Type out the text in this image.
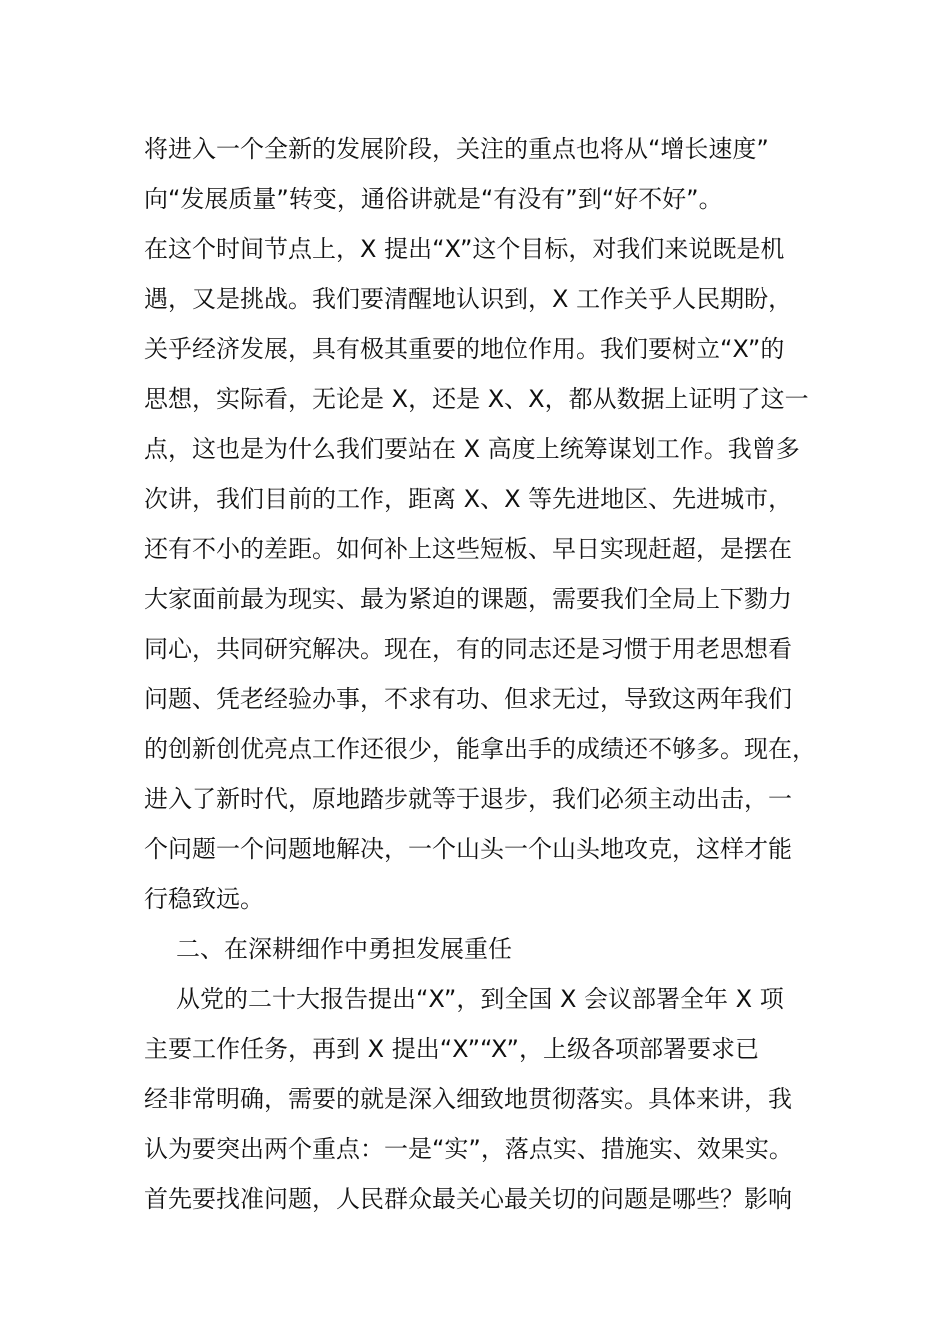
将进入一个全新的发展阶段，关注的重点也将从“增长速度”
向“发展质量”转变，通俗讲就是“有没有”到“好不好”。
在这个时间节点上，X 提出“X”这个目标，对我们来说既是机
遇，又是挑战。我们要清醒地认识到，X 工作关乎人民期盼，
关乎经济发展，具有极其重要的地位作用。我们要树立“X”的
思想，实际看，无论是 X，还是 X、X，都从数据上证明了这一
点，这也是为什么我们要站在 X 高度上统筹谋划工作。我曾多
次讲，我们目前的工作，距离 X、X 等先进地区、先进城市，
还有不小的差距。如何补上这些短板、早日实现赶超，是摆在
大家面前最为现实、最为紧迫的课题，需要我们全局上下勠力
同心，共同研究解决。现在，有的同志还是习惯于用老思想看
问题、凭老经验办事，不求有功、但求无过，导致这两年我们
的创新创优亮点工作还很少，能拿出手的成绩还不够多。现在，
进入了新时代，原地踏步就等于退步，我们必须主动出击，一
个问题一个问题地解决，一个山头一个山头地攻克，这样才能
行稳致远。
二、在深耕细作中勇担发展重任
从党的二十大报告提出“X”，到全国 X 会议部署全年 X 项
主要工作任务，再到 X 提出“X”“X”，上级各项部署要求已
经非常明确，需要的就是深入细致地贯彻落实。具体来讲，我
认为要突出两个重点：一是“实”，落点实、措施实、效果实。
首先要找准问题，人民群众最关心最关切的问题是哪些？影响
